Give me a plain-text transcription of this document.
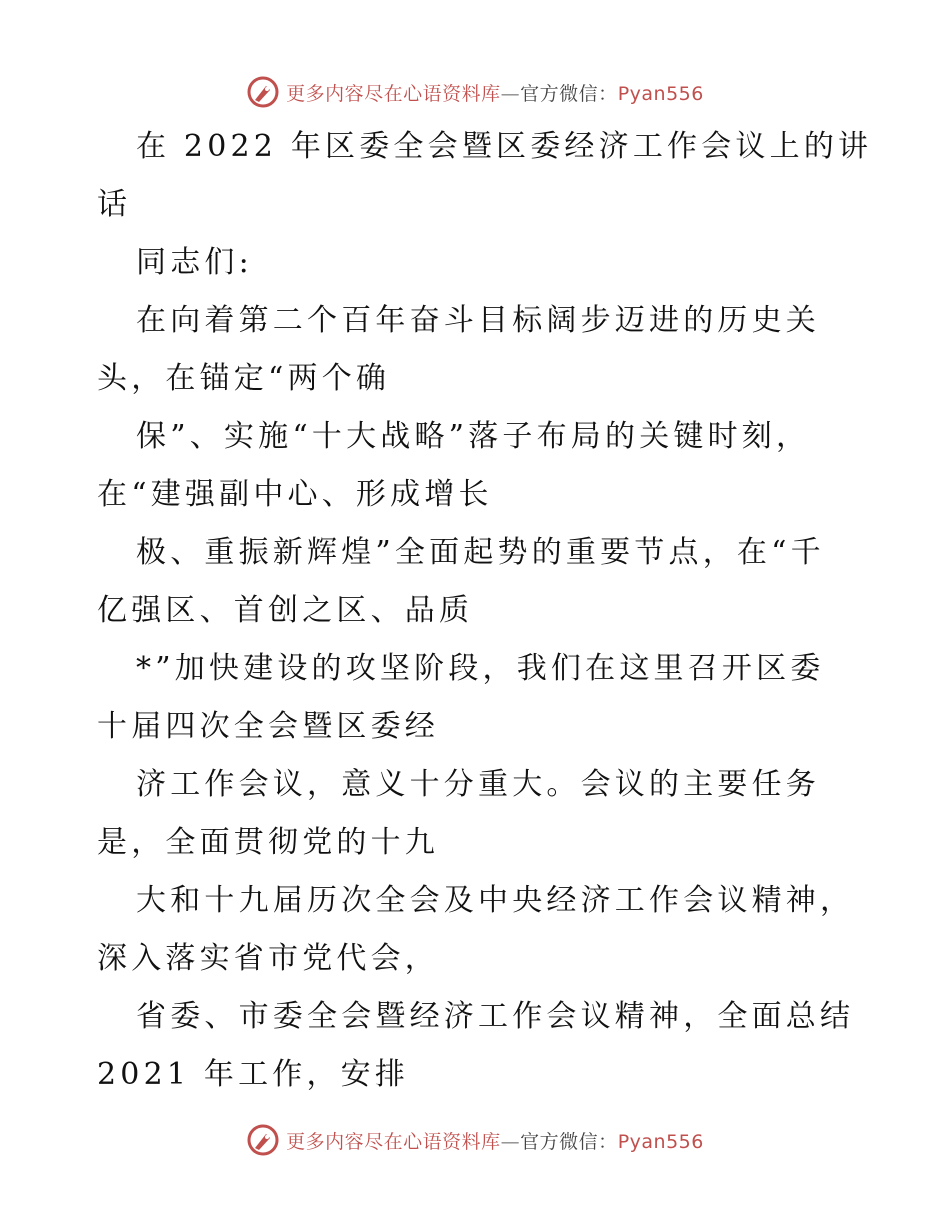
更多内容尽在心语资料库—官方微信：Pyan556
在 2022 年区委全会暨区委经济工作会议上的讲
话
同志们:
在向着第二个百年奋斗目标阔步迈进的历史关
头，在锚定“两个确
保”、实施“十大战略”落子布局的关键时刻，
在“建强副中心、形成增长
极、重振新辉煌”全面起势的重要节点，在“千
亿强区、首创之区、品质
*”加快建设的攻坚阶段，我们在这里召开区委
十届四次全会暨区委经
济工作会议，意义十分重大。会议的主要任务
是，全面贯彻党的十九
大和十九届历次全会及中央经济工作会议精神，
深入落实省市党代会，
省委、市委全会暨经济工作会议精神，全面总结
2021 年工作，安排
更多内容尽在心语资料库—官方微信：Pyan556
